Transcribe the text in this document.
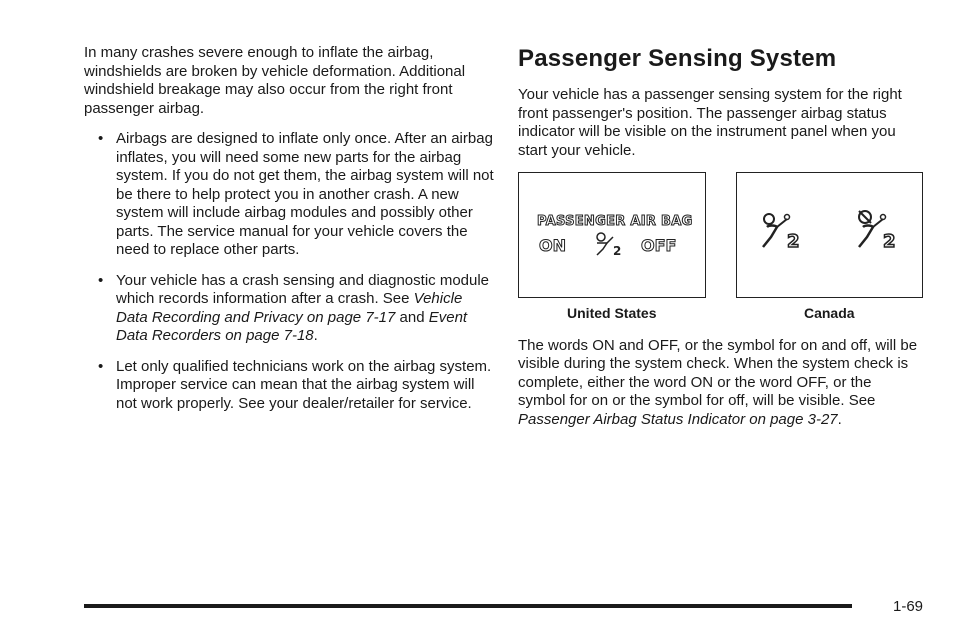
In many crashes severe enough to inflate the airbag, windshields are broken by vehicle deformation. Additional windshield breakage may also occur from the right front passenger airbag.

• Airbags are designed to inflate only once. After an airbag inflates, you will need some new parts for the airbag system. If you do not get them, the airbag system will not be there to help protect you in another crash. A new system will include airbag modules and possibly other parts. The service manual for your vehicle covers the need to replace other parts.
• Your vehicle has a crash sensing and diagnostic module which records information after a crash. See Vehicle Data Recording and Privacy on page 7-17 and Event Data Recorders on page 7-18.
• Let only qualified technicians work on the airbag system. Improper service can mean that the airbag system will not work properly. See your dealer/retailer for service.
Passenger Sensing System

Your vehicle has a passenger sensing system for the right front passenger's position. The passenger airbag status indicator will be visible on the instrument panel when you start your vehicle.

PASSENGER AIR BAG
ON	2 OFF
United States
2	2
Canada

The words ON and OFF, or the symbol for on and off, will be visible during the system check. When the system check is complete, either the word ON or the word OFF, or the symbol for on or the symbol for off, will be visible. See Passenger Airbag Status Indicator on page 3-27.

1-69
